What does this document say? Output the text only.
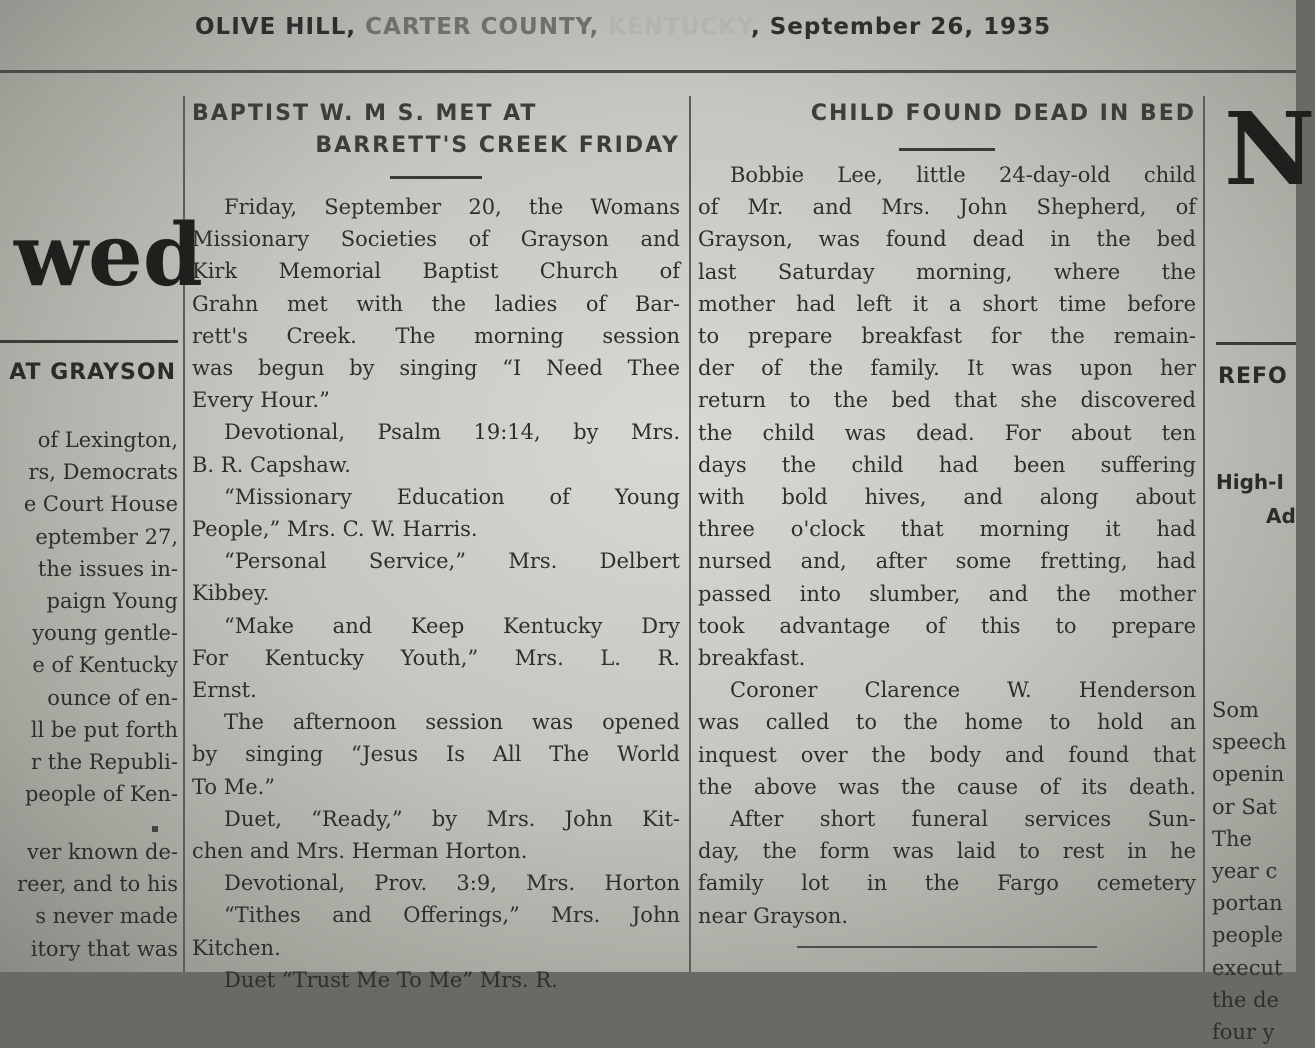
OLIVE HILL, CARTER COUNTY, KENTUCKY, September 26, 1935
wed
AT GRAYSON
of Lexington,
rs, Democrats
e Court House
eptember 27,
the issues in-
paign Young
young gentle-
e of Kentucky
ounce of en-
ll be put forth
r the Republi-
people of Ken-
ver known de-
reer, and to his
s never made
itory that was
BAPTIST W. M S. MET AT
BARRETT'S CREEK FRIDAY
Friday, September 20, the Womans
Missionary Societies of Grayson and
Kirk Memorial Baptist Church of
Grahn met with the ladies of Bar-
rett's Creek. The morning session
was begun by singing “I Need Thee
Every Hour.”
Devotional, Psalm 19:14, by Mrs.
B. R. Capshaw.
“Missionary Education of Young
People,” Mrs. C. W. Harris.
“Personal Service,” Mrs. Delbert
Kibbey.
“Make and Keep Kentucky Dry
For Kentucky Youth,” Mrs. L. R.
Ernst.
The afternoon session was opened
by singing “Jesus Is All The World
To Me.”
Duet, “Ready,” by Mrs. John Kit-
chen and Mrs. Herman Horton.
Devotional, Prov. 3:9, Mrs. Horton
“Tithes and Offerings,” Mrs. John
Kitchen.
Duet “Trust Me To Me” Mrs. R.
CHILD FOUND DEAD IN BED
Bobbie Lee, little 24-day-old child
of Mr. and Mrs. John Shepherd, of
Grayson, was found dead in the bed
last Saturday morning, where the
mother had left it a short time before
to prepare breakfast for the remain-
der of the family. It was upon her
return to the bed that she discovered
the child was dead. For about ten
days the child had been suffering
with bold hives, and along about
three o'clock that morning it had
nursed and, after some fretting, had
passed into slumber, and the mother
took advantage of this to prepare
breakfast.
Coroner Clarence W. Henderson
was called to the home to hold an
inquest over the body and found that
the above was the cause of its death.
After short funeral services Sun-
day, the form was laid to rest in he
family lot in the Fargo cemetery
near Grayson.
N
REFO
High-I
Ad
Som
speech
openin
or Sat
The
year c
portan
people
execut
the de
four y
